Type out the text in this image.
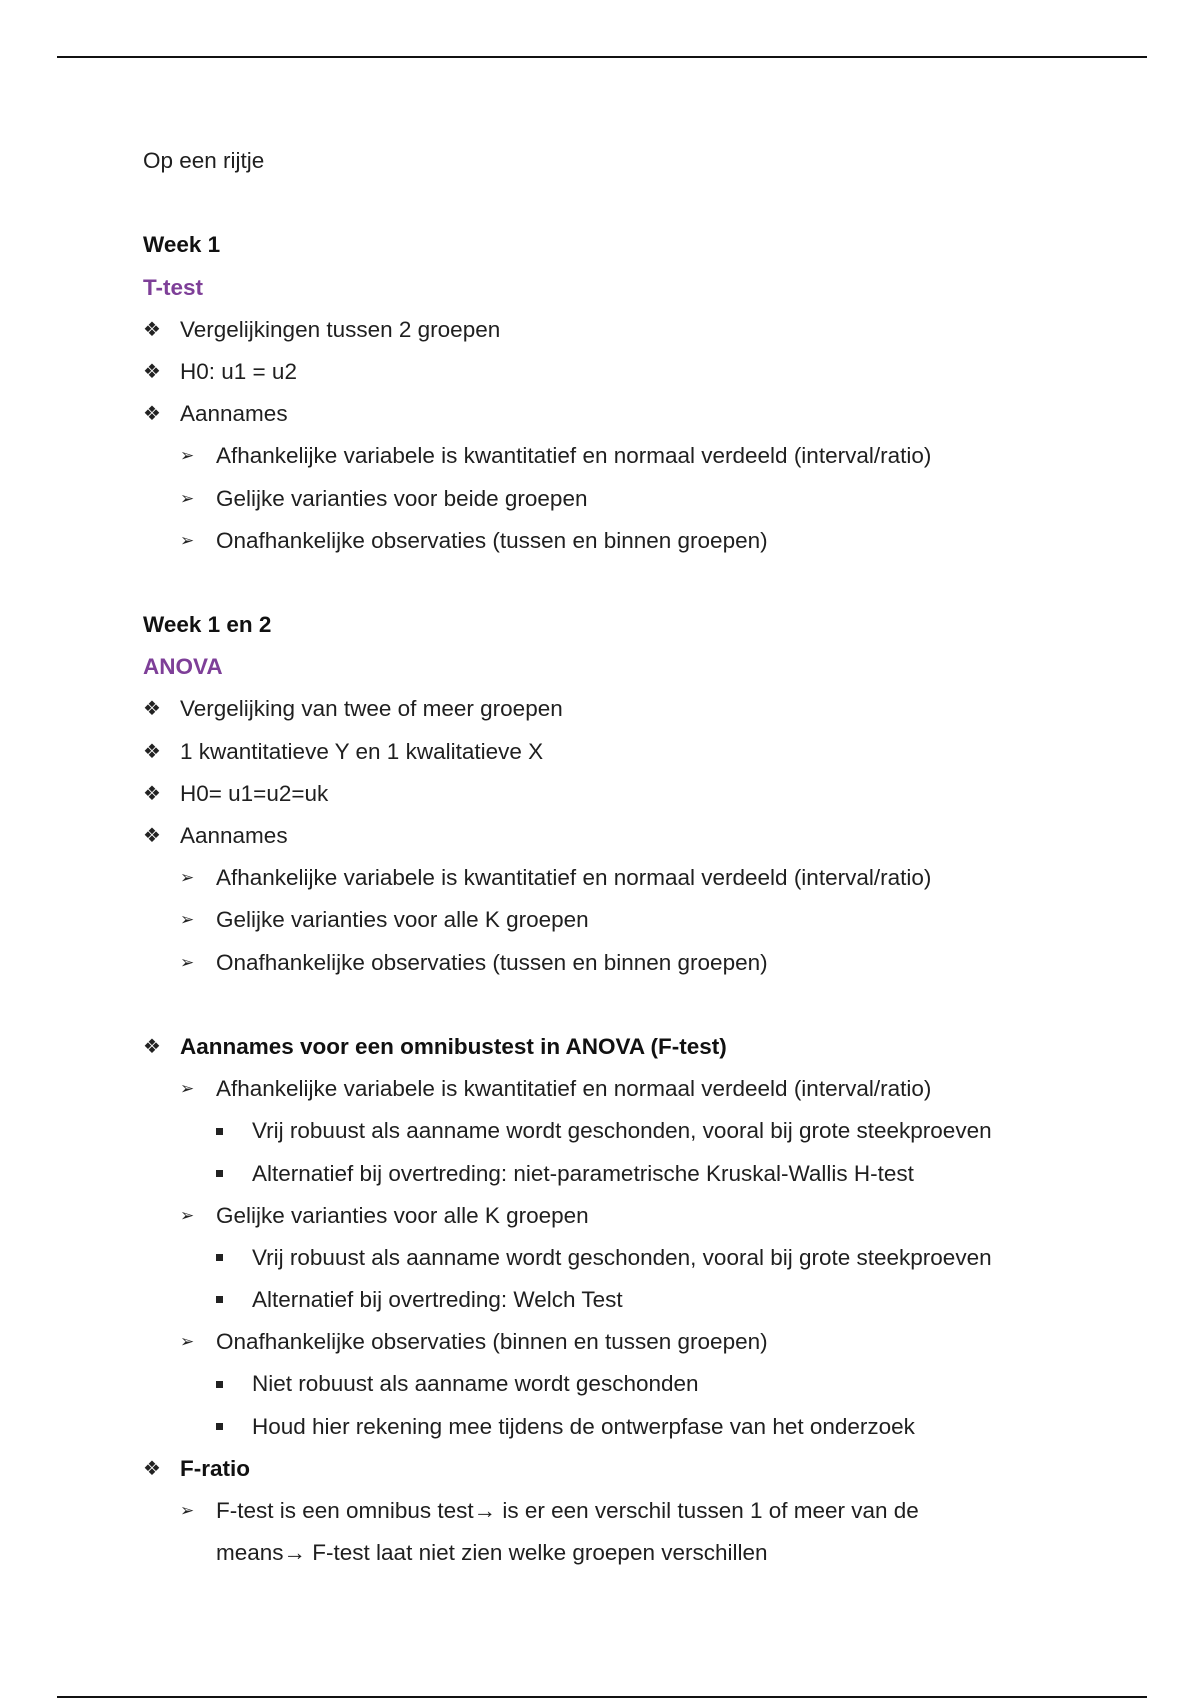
Op een rijtje
Week 1
T-test
❖ Vergelijkingen tussen 2 groepen
❖ H0: u1 = u2
❖ Aannames
➢ Afhankelijke variabele is kwantitatief en normaal verdeeld (interval/ratio)
➢ Gelijke varianties voor beide groepen
➢ Onafhankelijke observaties (tussen en binnen groepen)
Week 1 en 2
ANOVA
❖ Vergelijking van twee of meer groepen
❖ 1 kwantitatieve Y en 1 kwalitatieve X
❖ H0= u1=u2=uk
❖ Aannames
➢ Afhankelijke variabele is kwantitatief en normaal verdeeld (interval/ratio)
➢ Gelijke varianties voor alle K groepen
➢ Onafhankelijke observaties (tussen en binnen groepen)
❖ Aannames voor een omnibustest in ANOVA (F-test)
➢ Afhankelijke variabele is kwantitatief en normaal verdeeld (interval/ratio)
Vrij robuust als aanname wordt geschonden, vooral bij grote steekproeven
Alternatief bij overtreding: niet-parametrische Kruskal-Wallis H-test
➢ Gelijke varianties voor alle K groepen
Vrij robuust als aanname wordt geschonden, vooral bij grote steekproeven
Alternatief bij overtreding: Welch Test
➢ Onafhankelijke observaties (binnen en tussen groepen)
Niet robuust als aanname wordt geschonden
Houd hier rekening mee tijdens de ontwerpfase van het onderzoek
❖ F-ratio
➢ F-test is een omnibus test→ is er een verschil tussen 1 of meer van de
means→ F-test laat niet zien welke groepen verschillen
